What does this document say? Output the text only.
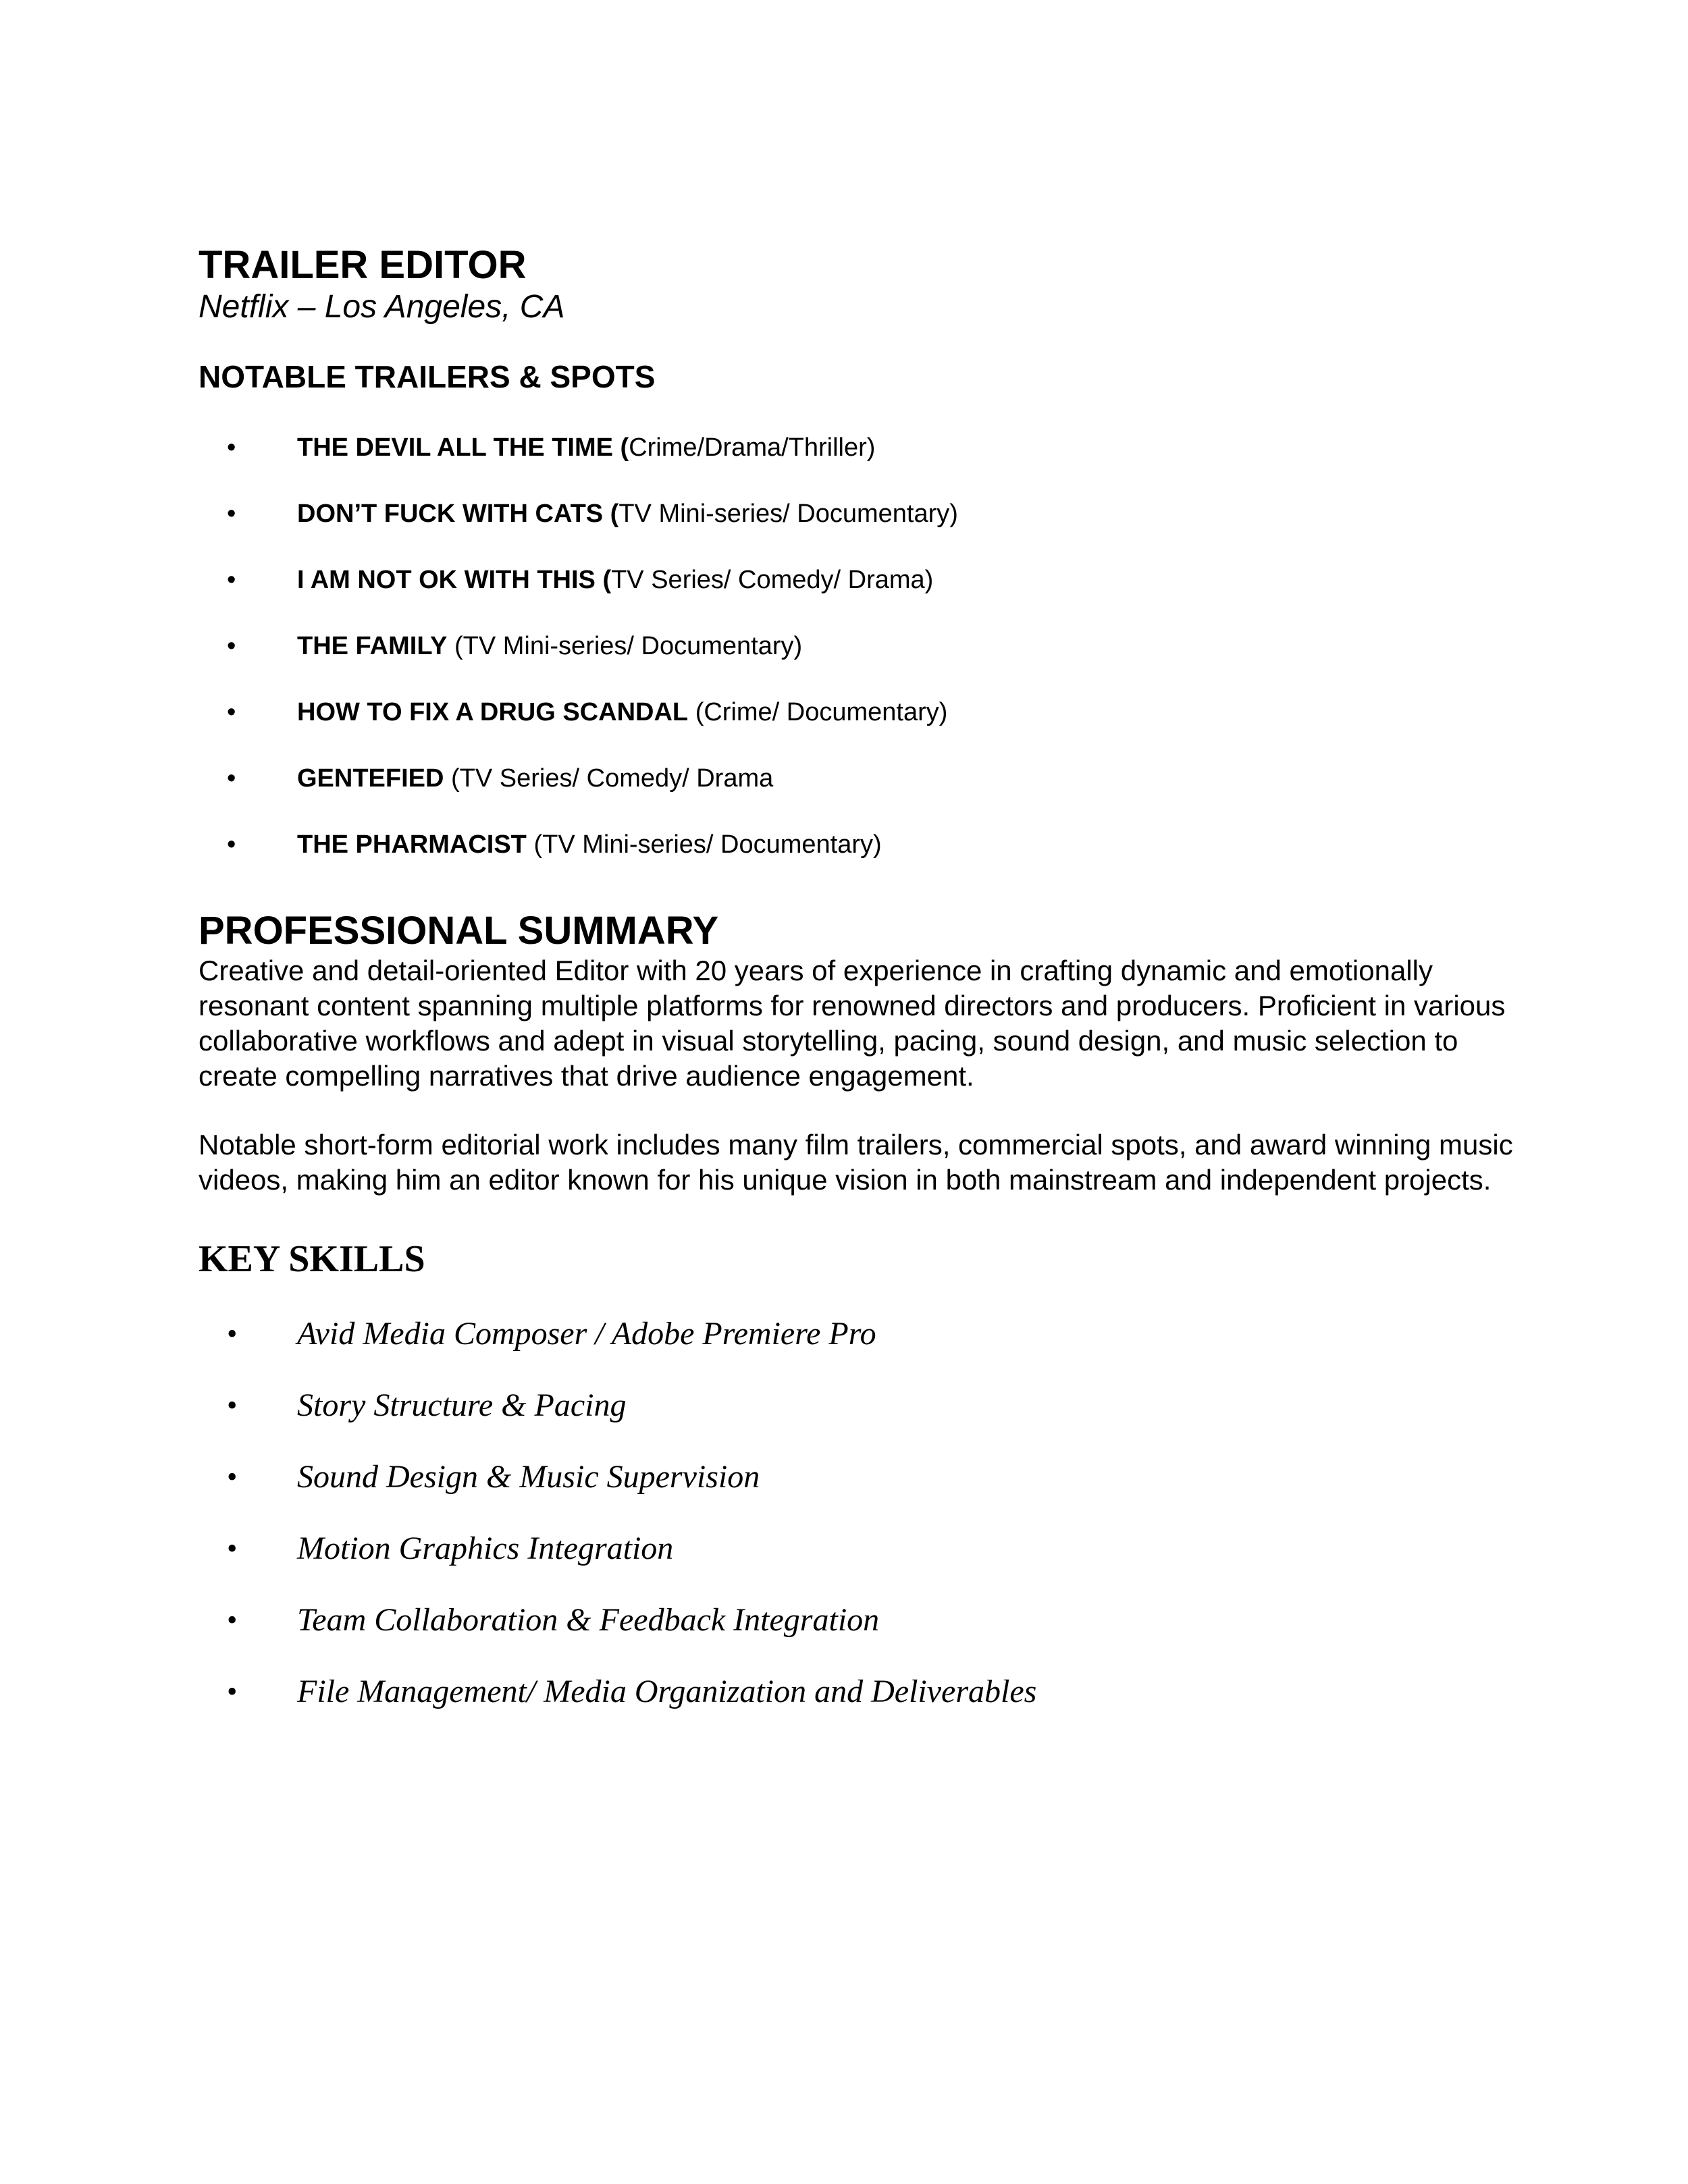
TRAILER EDITOR
Netflix – Los Angeles, CA
NOTABLE TRAILERS & SPOTS
• THE DEVIL ALL THE TIME (Crime/Drama/Thriller)
• DON’T FUCK WITH CATS (TV Mini-series/ Documentary)
• I AM NOT OK WITH THIS (TV Series/ Comedy/ Drama)
• THE FAMILY (TV Mini-series/ Documentary)
• HOW TO FIX A DRUG SCANDAL (Crime/ Documentary)
• GENTEFIED (TV Series/ Comedy/ Drama
• THE PHARMACIST (TV Mini-series/ Documentary)
PROFESSIONAL SUMMARY

Creative and detail-oriented Editor with 20 years of experience in crafting dynamic and emotionally resonant content spanning multiple platforms for renowned directors and producers. Proficient in various collaborative workflows and adept in visual storytelling, pacing, sound design, and music selection to create compelling narratives that drive audience engagement.

Notable short-form editorial work includes many film trailers, commercial spots, and award winning music videos, making him an editor known for his unique vision in both mainstream and independent projects.

KEY SKILLS
• Avid Media Composer / Adobe Premiere Pro
• Story Structure & Pacing
• Sound Design & Music Supervision
• Motion Graphics Integration
• Team Collaboration & Feedback Integration
• File Management/ Media Organization and Deliverables
